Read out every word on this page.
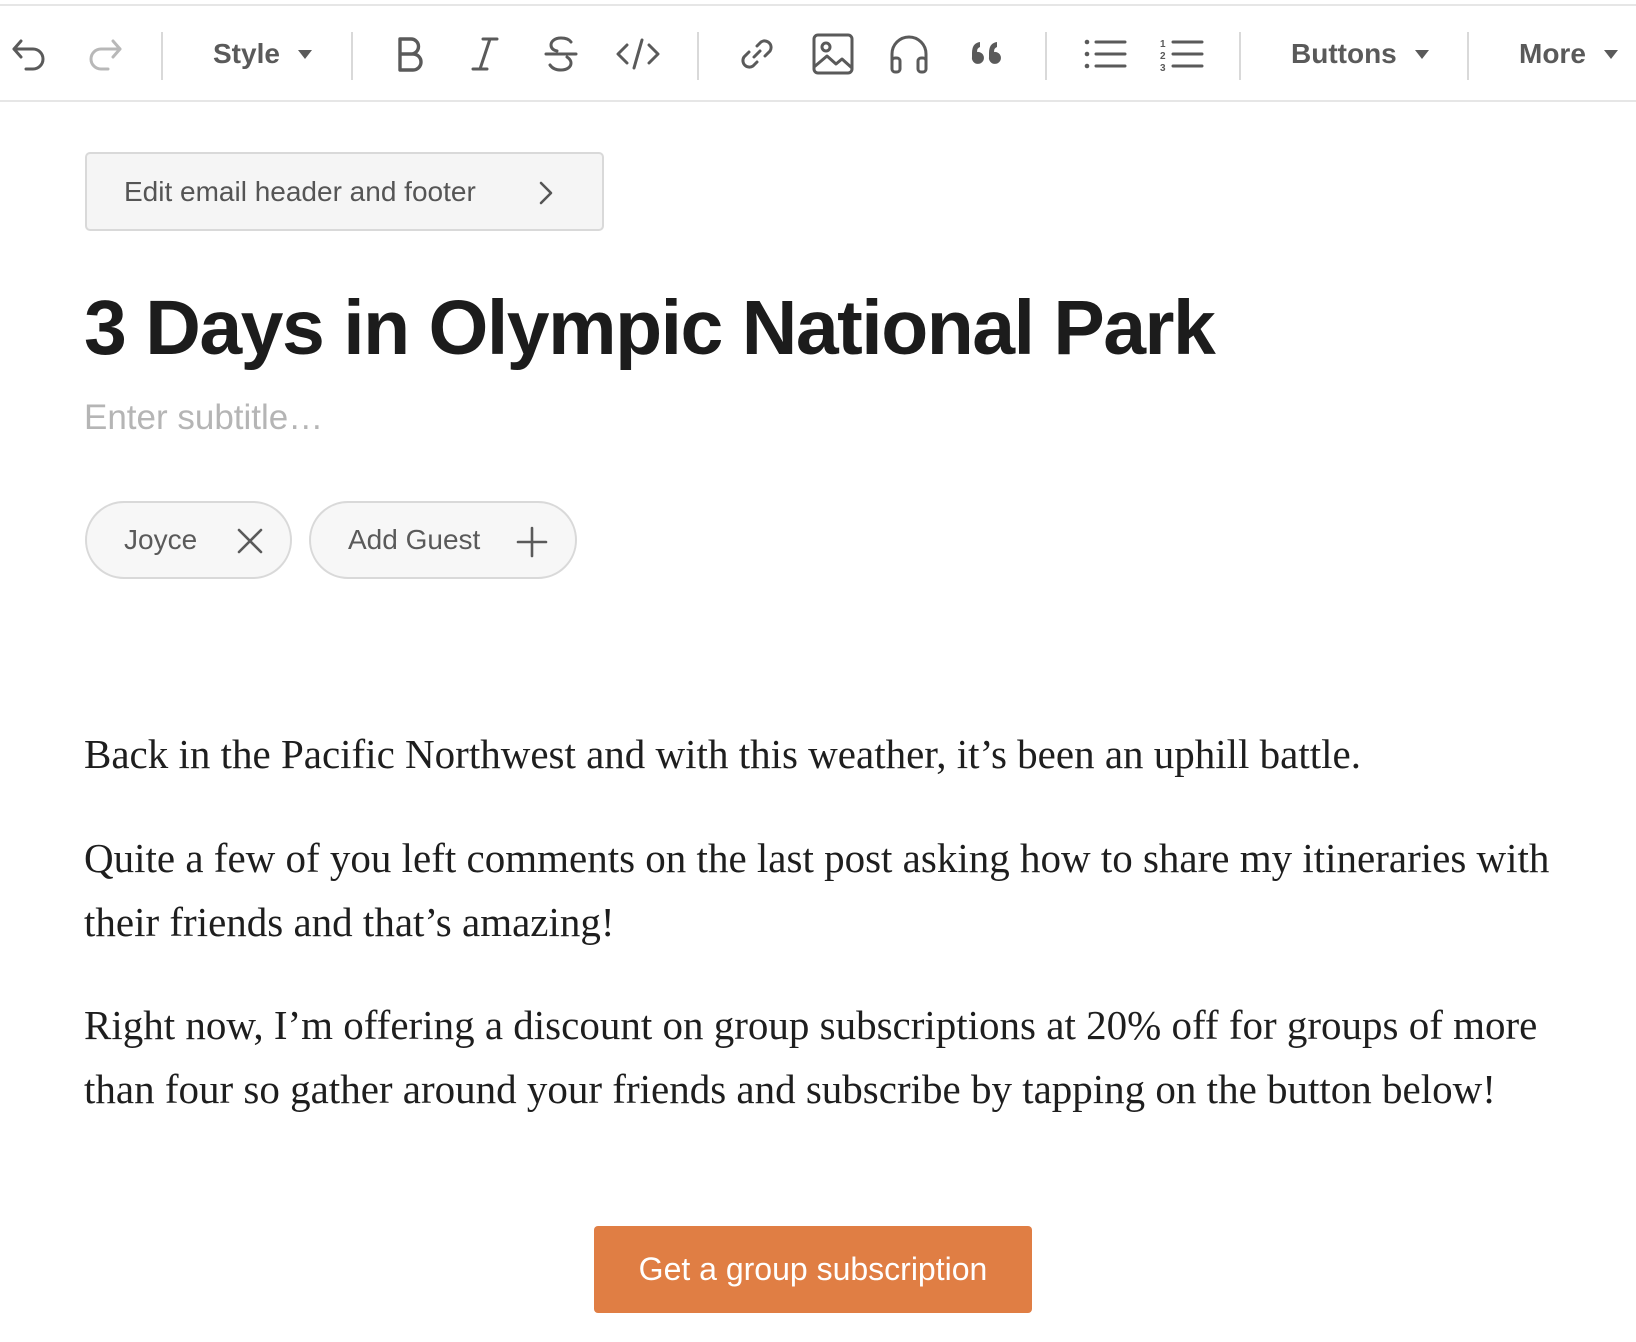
Style	1
2
3	Buttons	More
Edit email header and footer
3 Days in Olympic National Park
Enter subtitle…
Joyce	Add Guest

Back in the Pacific Northwest and with this weather, it’s been an uphill battle.

Quite a few of you left comments on the last post asking how to share my itineraries with their friends and that’s amazing!

Right now, I’m offering a discount on group subscriptions at 20% off for groups of more than four so gather around your friends and subscribe by tapping on the button below!

Get a group subscription
